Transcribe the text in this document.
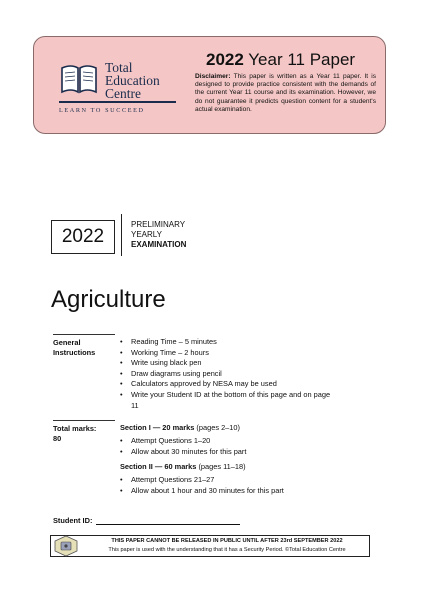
Total
Education
Centre
LEARN TO SUCCEED
2022 Year 11 Paper
Disclaimer: This paper is written as a Year 11 paper. It is designed to provide practice consistent with the demands of the current Year 11 course and its examination. However, we do not guarantee it predicts question content for a student's actual examination.
2022
PRELIMINARY
YEARLY
EXAMINATION
Agriculture
General
Instructions
• Reading Time – 5 minutes
• Working Time – 2 hours
• Write using black pen
• Draw diagrams using pencil
• Calculators approved by NESA may be used
• Write your Student ID at the bottom of this page and on page 11
Total marks:
80
Section I — 20 marks (pages 2–10)
• Attempt Questions 1–20
• Allow about 30 minutes for this part
Section II — 60 marks (pages 11–18)
• Attempt Questions 21–27
• Allow about 1 hour and 30 minutes for this part
Student ID:
THIS PAPER CANNOT BE RELEASED IN PUBLIC UNTIL AFTER 23rd SEPTEMBER 2022
This paper is used with the understanding that it has a Security Period. ©Total Education Centre
